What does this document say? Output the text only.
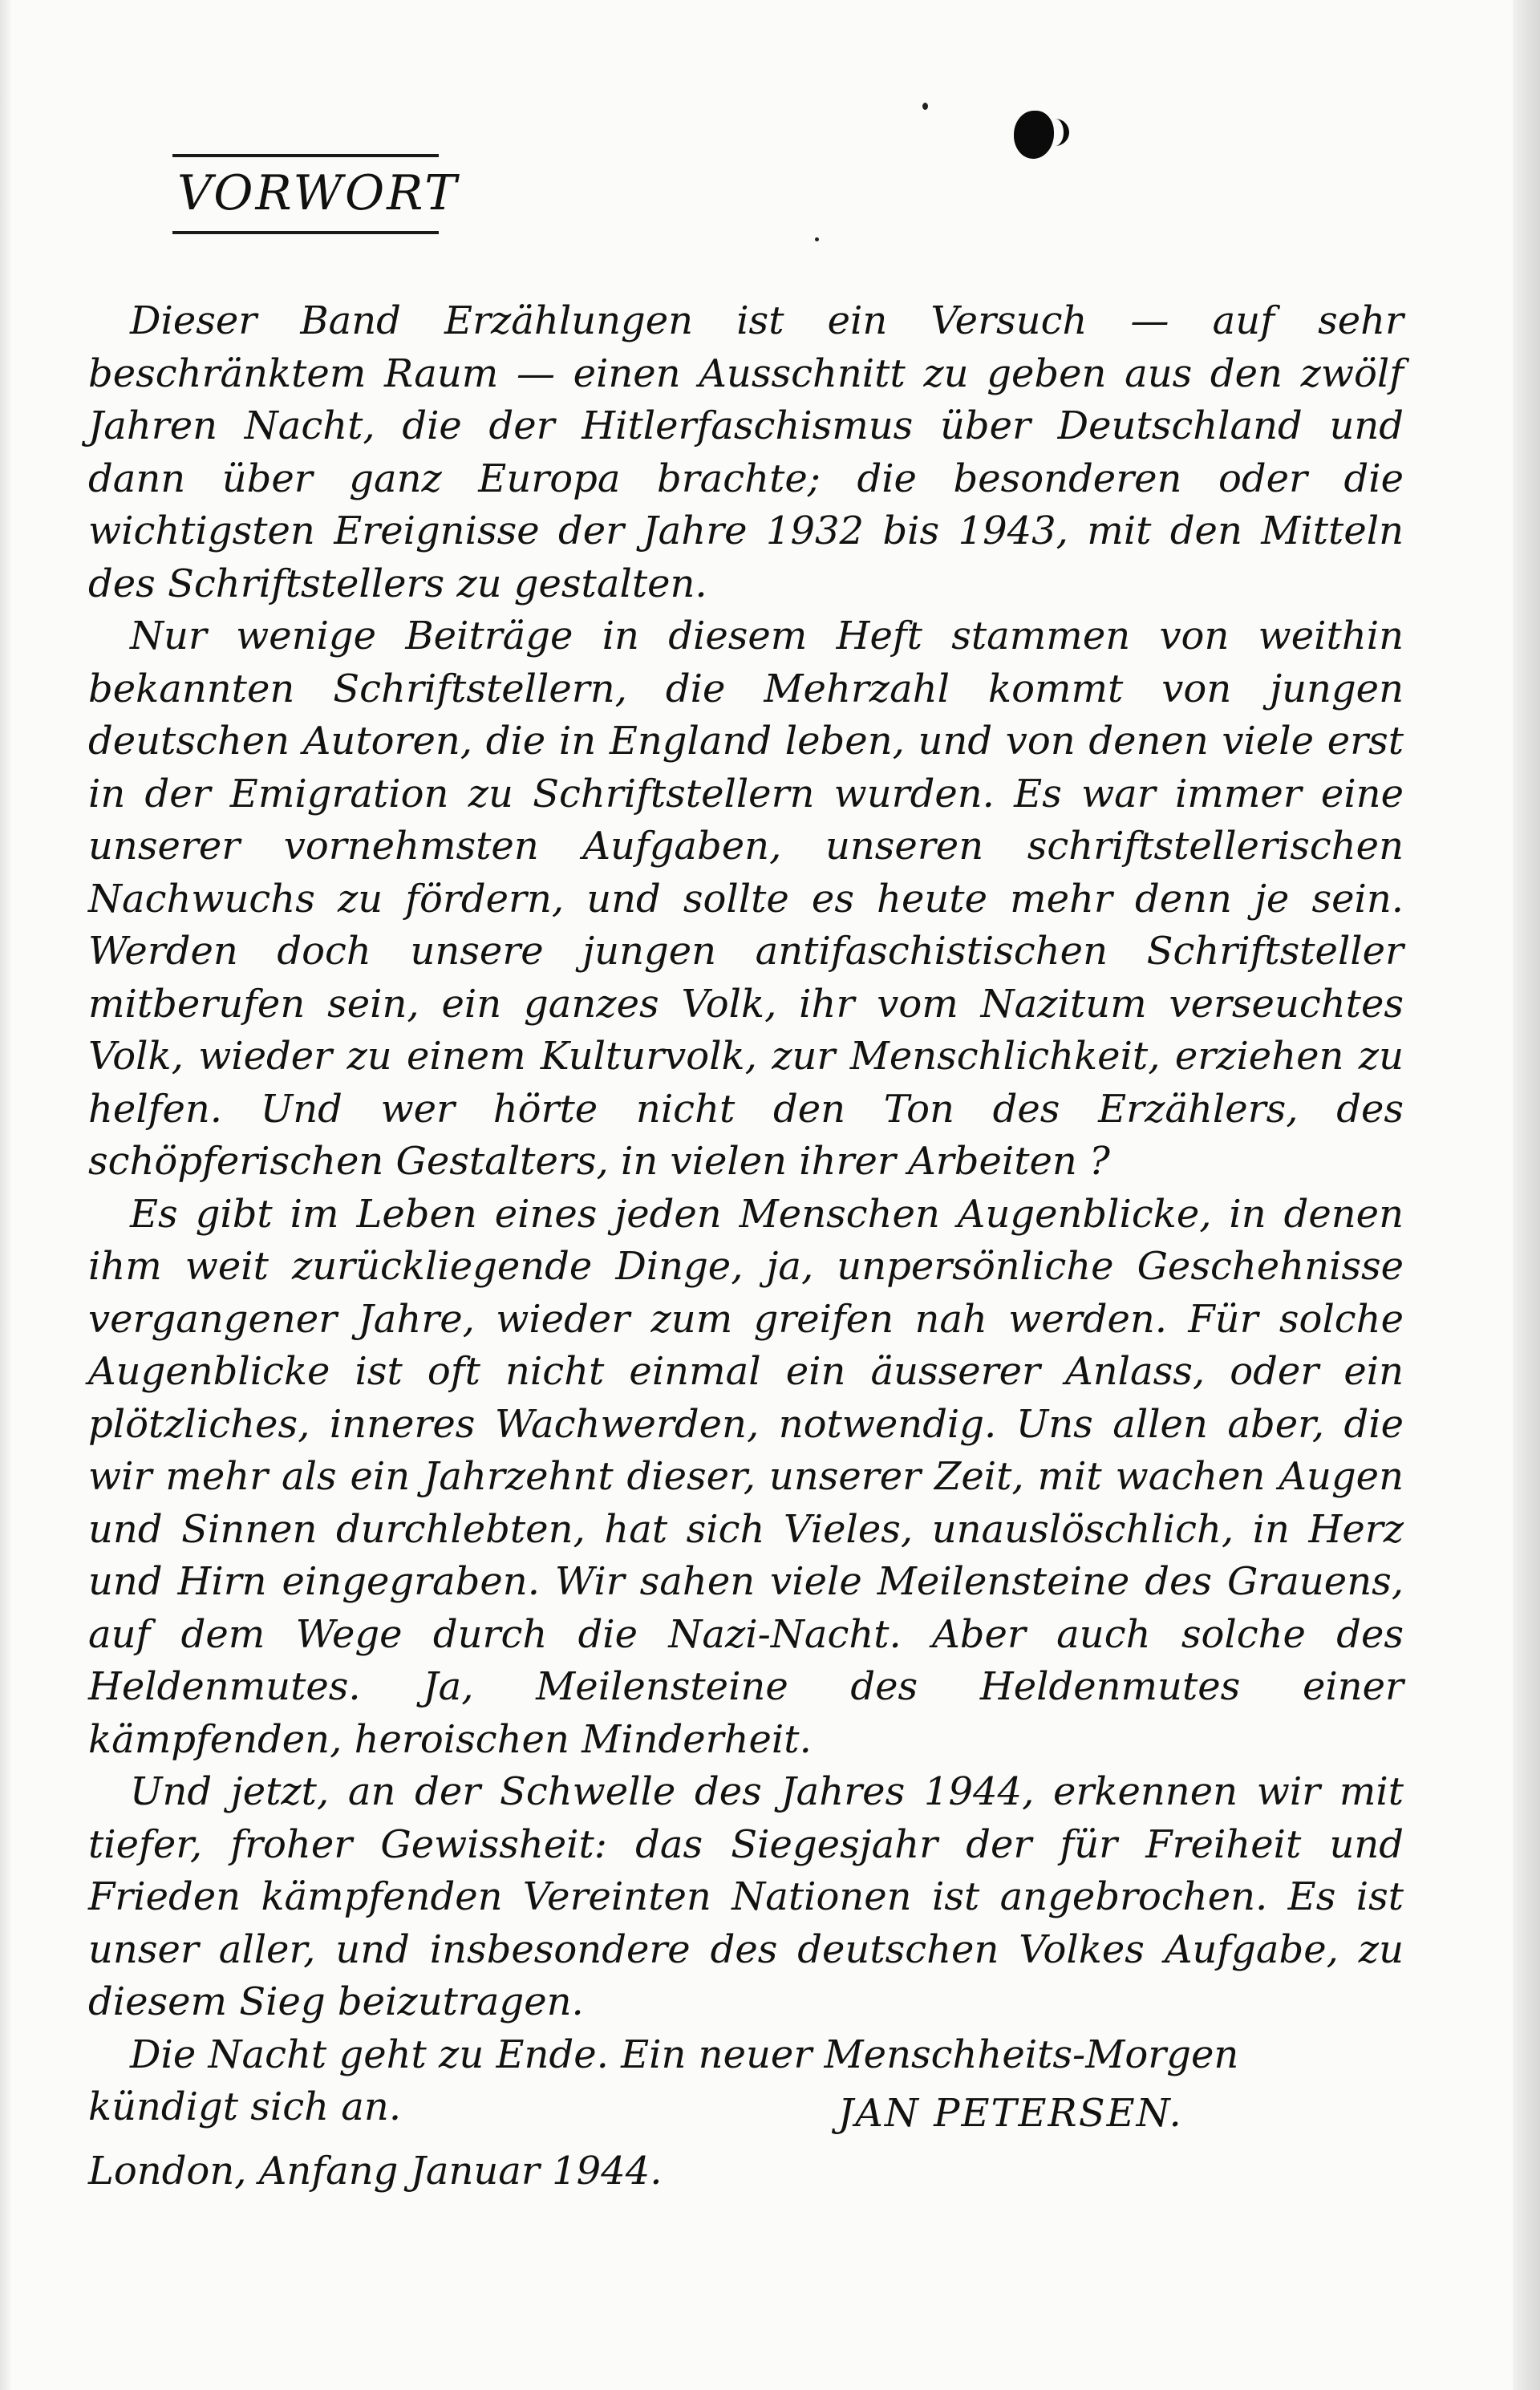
VORWORT

Dieser Band Erzählungen ist ein Versuch — auf sehr beschränktem Raum — einen Ausschnitt zu geben aus den zwölf Jahren Nacht, die der Hitlerfaschismus über Deutschland und dann über ganz Europa brachte; die besonderen oder die wichtigsten Ereignisse der Jahre 1932 bis 1943, mit den Mitteln des Schriftstellers zu gestalten.

Nur wenige Beiträge in diesem Heft stammen von weithin bekannten Schriftstellern, die Mehrzahl kommt von jungen deutschen Autoren, die in England leben, und von denen viele erst in der Emigration zu Schriftstellern wurden. Es war immer eine unserer vornehmsten Aufgaben, unseren schriftstellerischen Nachwuchs zu fördern, und sollte es heute mehr denn je sein. Werden doch unsere jungen antifaschistischen Schriftsteller mitberufen sein, ein ganzes Volk, ihr vom Nazitum verseuchtes Volk, wieder zu einem Kulturvolk, zur Menschlichkeit, erziehen zu helfen. Und wer hörte nicht den Ton des Erzählers, des schöpferischen Gestalters, in vielen ihrer Arbeiten ?

Es gibt im Leben eines jeden Menschen Augenblicke, in denen ihm weit zurückliegende Dinge, ja, unpersönliche Geschehnisse vergangener Jahre, wieder zum greifen nah werden. Für solche Augenblicke ist oft nicht einmal ein äusserer Anlass, oder ein plötzliches, inneres Wachwerden, notwendig. Uns allen aber, die wir mehr als ein Jahrzehnt dieser, unserer Zeit, mit wachen Augen und Sinnen durchlebten, hat sich Vieles, unauslöschlich, in Herz und Hirn eingegraben. Wir sahen viele Meilensteine des Grauens, auf dem Wege durch die Nazi-Nacht. Aber auch solche des Heldenmutes. Ja, Meilensteine des Heldenmutes einer kämpfenden, heroischen Minderheit.

Und jetzt, an der Schwelle des Jahres 1944, erkennen wir mit tiefer, froher Gewissheit: das Siegesjahr der für Freiheit und Frieden kämpfenden Vereinten Nationen ist angebrochen. Es ist unser aller, und insbesondere des deutschen Volkes Aufgabe, zu diesem Sieg beizutragen.

Die Nacht geht zu Ende. Ein neuer Menschheits-Morgen

kündigt sich an.	JAN PETERSEN.
London, Anfang Januar 1944.
